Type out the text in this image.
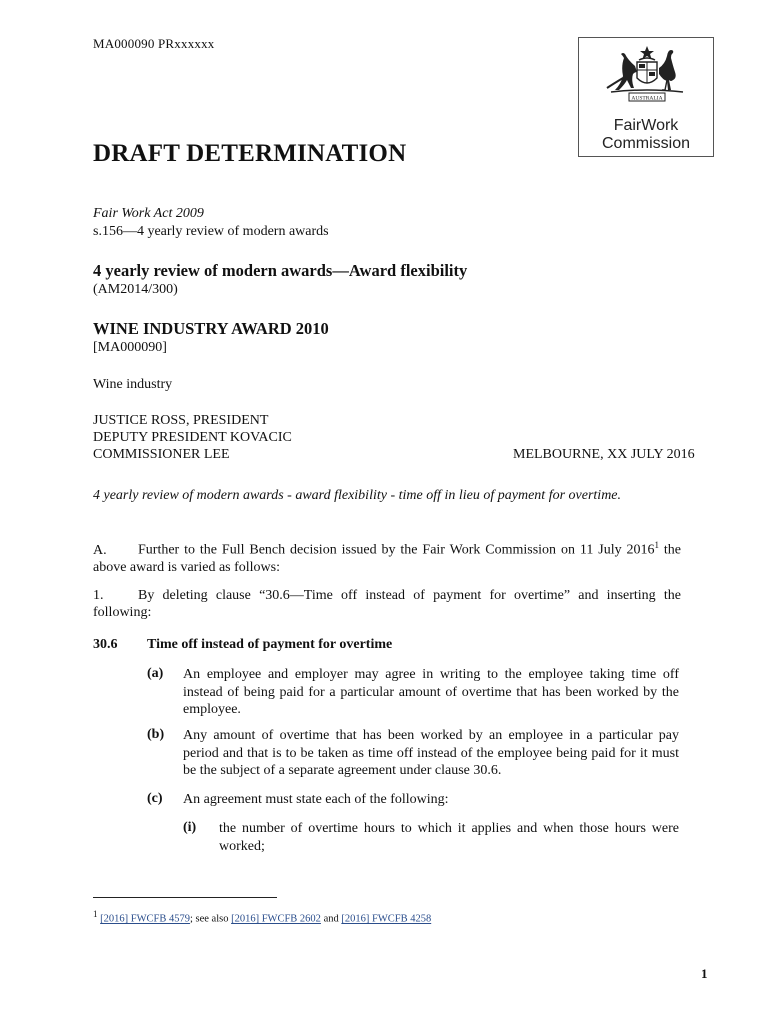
MA000090 PRxxxxxx
AUSTRALIA
FairWork
Commission
DRAFT DETERMINATION
Fair Work Act 2009
s.156—4 yearly review of modern awards
4 yearly review of modern awards—Award flexibility
(AM2014/300)
WINE INDUSTRY AWARD 2010
[MA000090]
Wine industry
JUSTICE ROSS, PRESIDENT
DEPUTY PRESIDENT KOVACIC
COMMISSIONER LEE	MELBOURNE, XX JULY 2016
4 yearly review of modern awards - award flexibility - time off in lieu of payment for overtime.
A. Further to the Full Bench decision issued by the Fair Work Commission on 11 July 2016$^1$ the above award is varied as follows:
1. By deleting clause “30.6—Time off instead of payment for overtime” and inserting the following:
30.6 Time off instead of payment for overtime
(a) An employee and employer may agree in writing to the employee taking time off instead of being paid for a particular amount of overtime that has been worked by the employee.
(b) Any amount of overtime that has been worked by an employee in a particular pay period and that is to be taken as time off instead of the employee being paid for it must be the subject of a separate agreement under clause 30.6.
(c) An agreement must state each of the following:
(i) the number of overtime hours to which it applies and when those hours were worked;
$^1$ [2016] FWCFB 4579; see also [2016] FWCFB 2602 and [2016] FWCFB 4258
1
